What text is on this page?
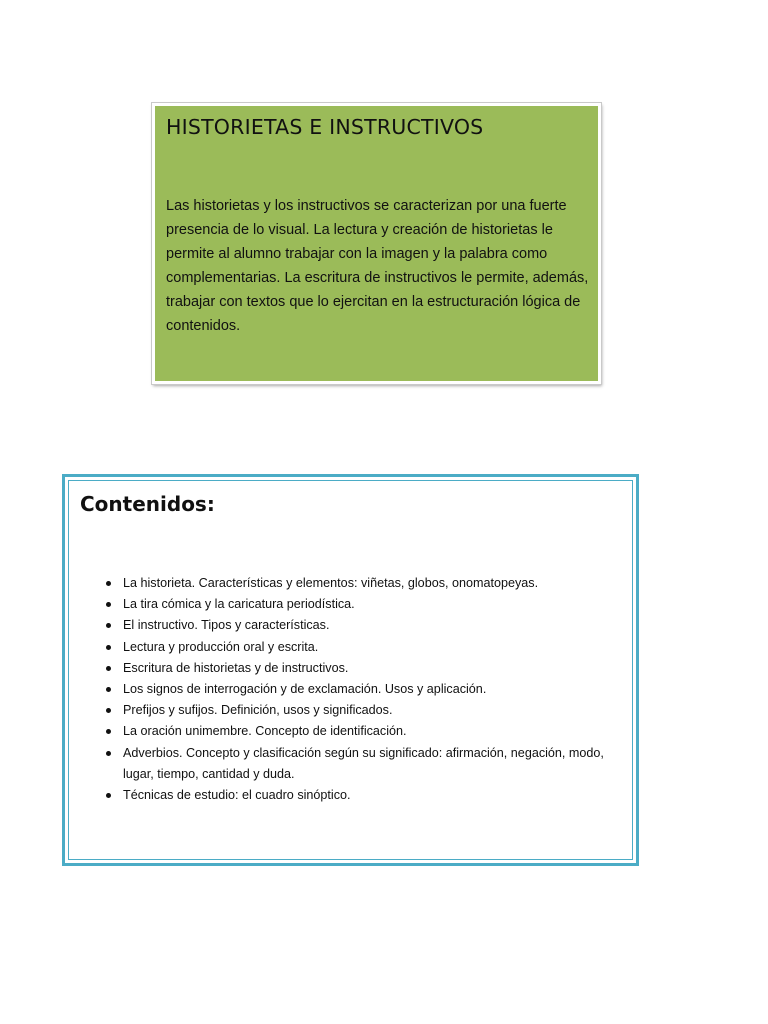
HISTORIETAS E INSTRUCTIVOS

Las historietas y los instructivos se caracterizan por una fuerte presencia de lo visual. La lectura y creación de historietas le permite al alumno trabajar con la imagen y la palabra como complementarias. La escritura de instructivos le permite, además, trabajar con textos que lo ejercitan en la estructuración lógica de contenidos.

Contenidos:
La historieta. Características y elementos: viñetas, globos, onomatopeyas.
La tira cómica y la caricatura periodística.
El instructivo. Tipos y características.
Lectura y producción oral y escrita.
Escritura de historietas y de instructivos.
Los signos de interrogación y de exclamación. Usos y aplicación.
Prefijos y sufijos. Definición, usos y significados.
La oración unimembre. Concepto de identificación.
Adverbios. Concepto y clasificación según su significado: afirmación, negación, modo, lugar, tiempo, cantidad y duda.
Técnicas de estudio: el cuadro sinóptico.
